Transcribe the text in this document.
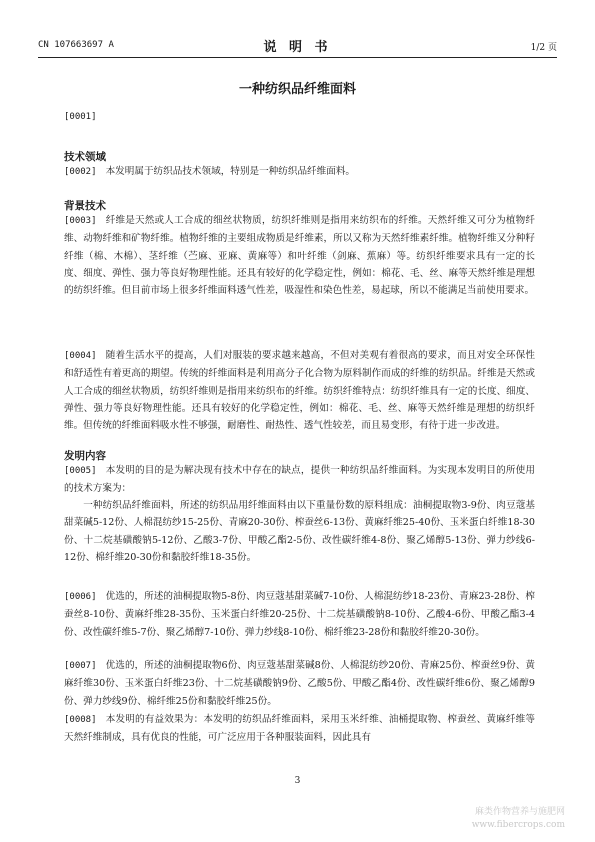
CN 107663697 A	说 明 书	1/2 页
一种纺织品纤维面料
[0001]
技术领域
[0002] 本发明属于纺织品技术领域，特别是一种纺织品纤维面料。
背景技术
[0003] 纤维是天然或人工合成的细丝状物质，纺织纤维则是指用来纺织布的纤维。天然纤维又可分为植物纤维、动物纤维和矿物纤维。植物纤维的主要组成物质是纤维素，所以又称为天然纤维素纤维。植物纤维又分种籽纤维（棉、木棉）、茎纤维（苎麻、亚麻、黄麻等）和叶纤维（剑麻、蕉麻）等。纺织纤维要求具有一定的长度、细度、弹性、强力等良好物理性能。还具有较好的化学稳定性，例如：棉花、毛、丝、麻等天然纤维是理想的纺织纤维。但目前市场上很多纤维面料透气性差，吸湿性和染色性差，易起球，所以不能满足当前使用要求。
[0004] 随着生活水平的提高，人们对服装的要求越来越高，不但对美观有着很高的要求，而且对安全环保性和舒适性有着更高的期望。传统的纤维面料是利用高分子化合物为原料制作而成的纤维的纺织品。纤维是天然或人工合成的细丝状物质，纺织纤维则是指用来纺织布的纤维。纺织纤维特点：纺织纤维具有一定的长度、细度、弹性、强力等良好物理性能。还具有较好的化学稳定性，例如：棉花、毛、丝、麻等天然纤维是理想的纺织纤维。但传统的纤维面料吸水性不够强，耐磨性、耐热性、透气性较差，而且易变形，有待于进一步改进。
发明内容
[0005] 本发明的目的是为解决现有技术中存在的缺点，提供一种纺织品纤维面料。为实现本发明目的所使用的技术方案为：
一种纺织品纤维面料，所述的纺织品用纤维面料由以下重量份数的原料组成：油桐提取物3-9份、肉豆蔻基甜菜碱5-12份、人棉混纺纱15-25份、青麻20-30份、榨蚕丝6-13份、黄麻纤维25-40份、玉米蛋白纤维18-30份、十二烷基磺酸钠5-12份、乙酸3-7份、甲酸乙酯2-5份、改性碳纤维4-8份、聚乙烯醇5-13份、弹力纱线6-12份、棉纤维20-30份和黏胶纤维18-35份。
[0006] 优选的，所述的油桐提取物5-8份、肉豆蔻基甜菜碱7-10份、人棉混纺纱18-23份、青麻23-28份、榨蚕丝8-10份、黄麻纤维28-35份、玉米蛋白纤维20-25份、十二烷基磺酸钠8-10份、乙酸4-6份、甲酸乙酯3-4份、改性碳纤维5-7份、聚乙烯醇7-10份、弹力纱线8-10份、棉纤维23-28份和黏胶纤维20-30份。
[0007] 优选的，所述的油桐提取物6份、肉豆蔻基甜菜碱8份、人棉混纺纱20份、青麻25份、榨蚕丝9份、黄麻纤维30份、玉米蛋白纤维23份、十二烷基磺酸钠9份、乙酸5份、甲酸乙酯4份、改性碳纤维6份、聚乙烯醇9份、弹力纱线9份、棉纤维25份和黏胶纤维25份。
[0008] 本发明的有益效果为：本发明的纺织品纤维面料，采用玉米纤维、油桶提取物、榨蚕丝、黄麻纤维等天然纤维制成，具有优良的性能，可广泛应用于各种服装面料，因此具有
3
麻类作物营养与施肥网
www.fibercrops.com
